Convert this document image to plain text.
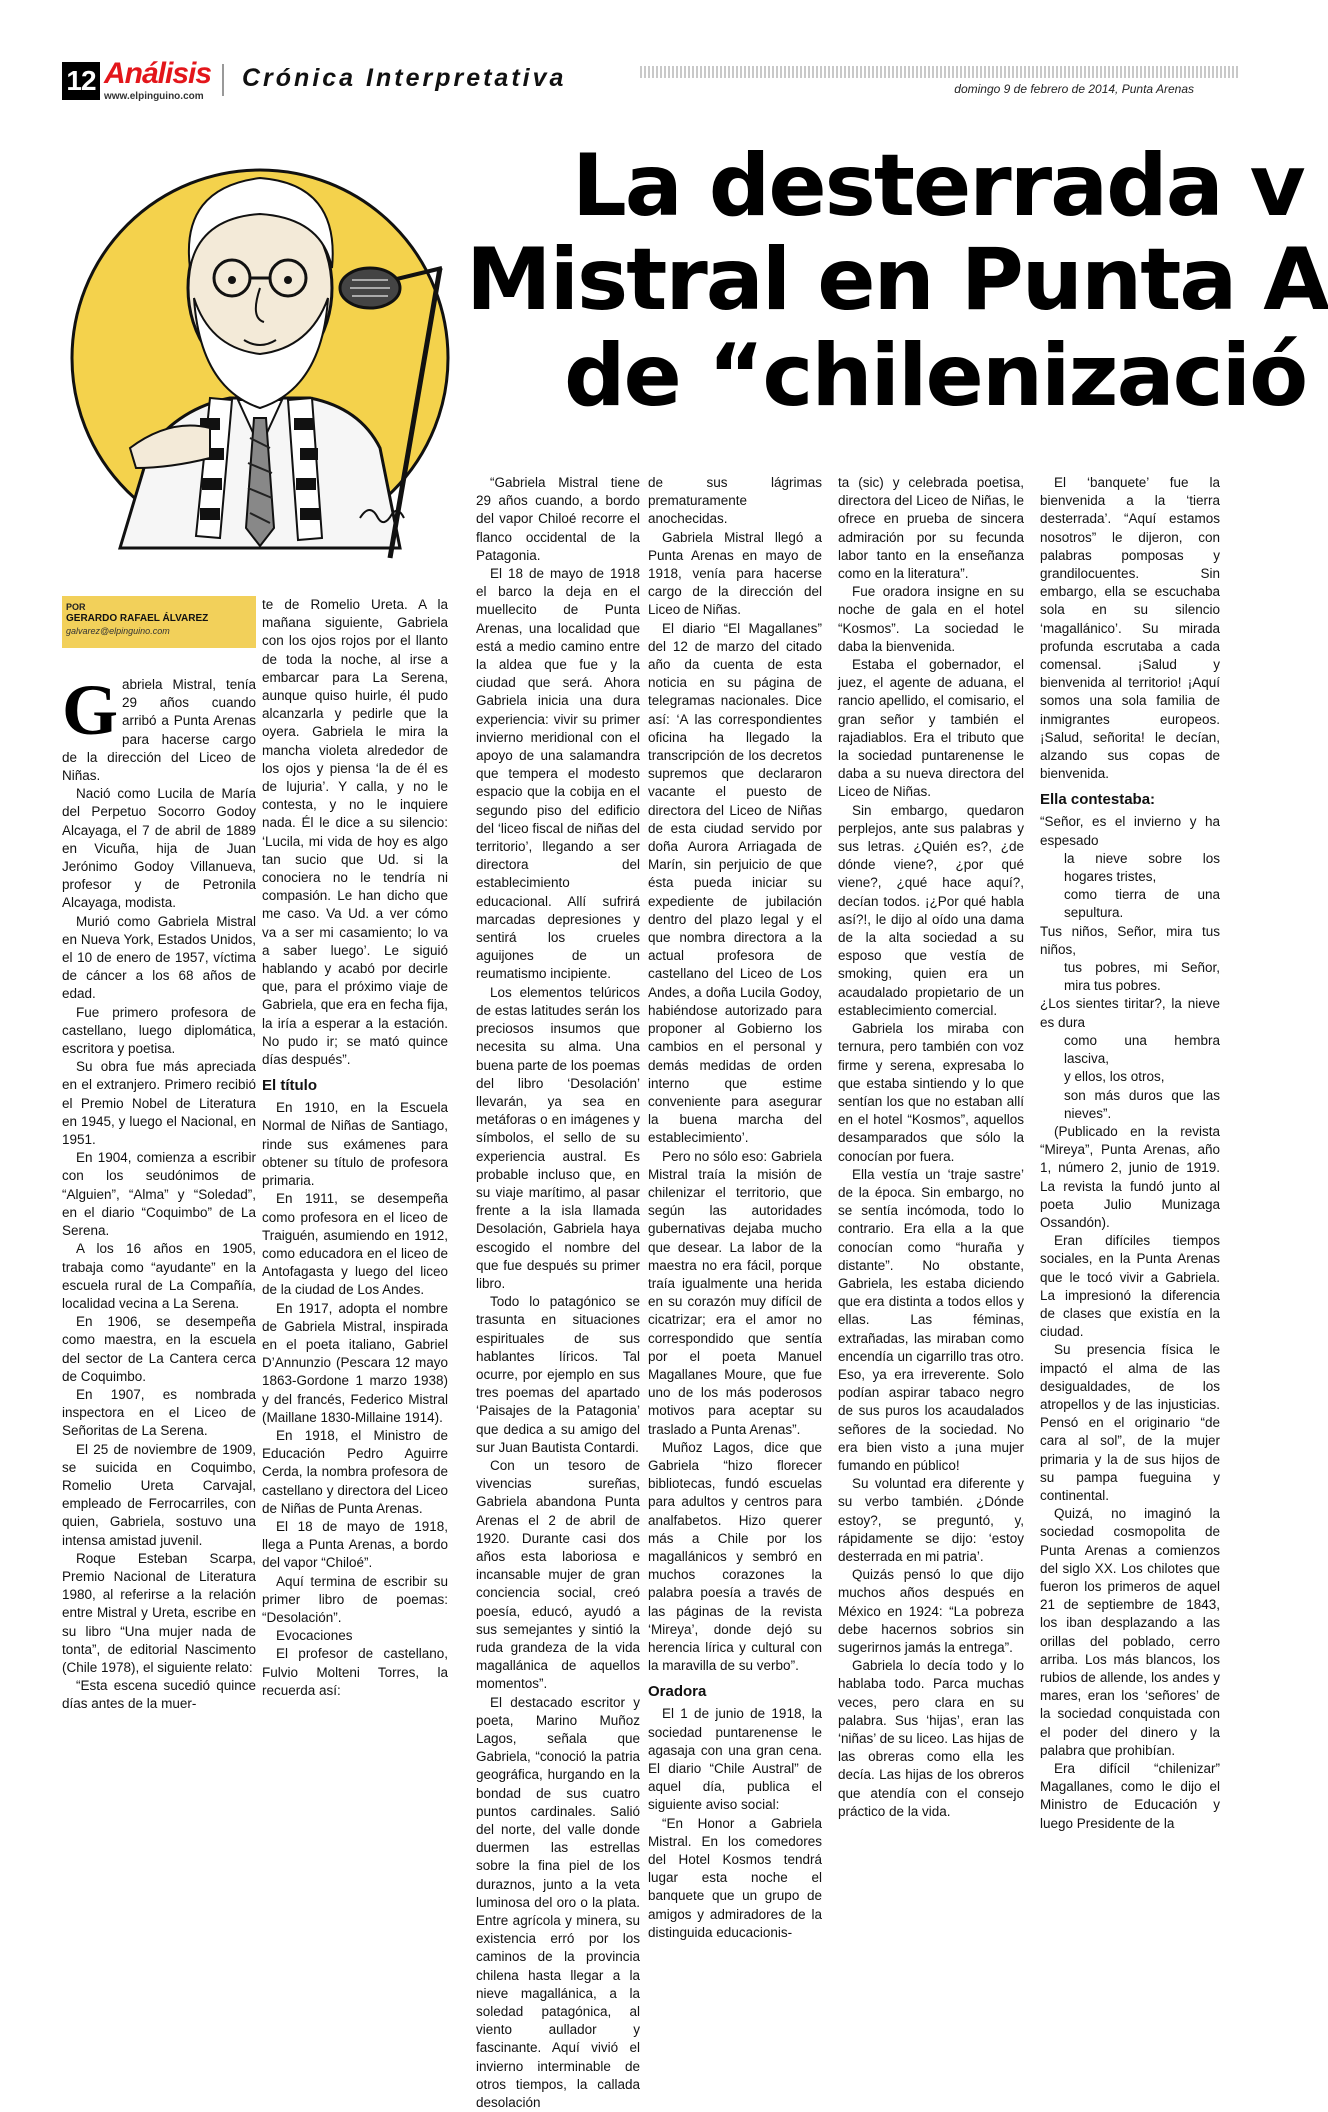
12 Análisis
www.elpinguino.com
Crónica Interpretativa	domingo 9 de febrero de 2014, Punta Arenas
La desterrada v
Mistral en Punta A
de “chilenizació
POR
GERARDO RAFAEL ÁLVAREZ
galvarez@elpinguino.com

Gabriela Mistral, tenía 29 años cuando arribó a Punta Arenas para hacerse cargo de la dirección del Liceo de Niñas.

Nació como Lucila de María del Perpetuo Socorro Godoy Alcayaga, el 7 de abril de 1889 en Vicuña, hija de Juan Jerónimo Godoy Villanueva, profesor y de Petronila Alcayaga, modista.

Murió como Gabriela Mistral en Nueva York, Estados Unidos, el 10 de enero de 1957, víctima de cáncer a los 68 años de edad.

Fue primero profesora de castellano, luego diplomática, escritora y poetisa.

Su obra fue más apreciada en el extranjero. Primero recibió el Premio Nobel de Literatura en 1945, y luego el Nacional, en 1951.

En 1904, comienza a escribir con los seudónimos de “Alguien”, “Alma” y “Soledad”, en el diario “Coquimbo” de La Serena.

A los 16 años en 1905, trabaja como “ayudante” en la escuela rural de La Compañía, localidad vecina a La Serena.

En 1906, se desempeña como maestra, en la escuela del sector de La Cantera cerca de Coquimbo.

En 1907, es nombrada inspectora en el Liceo de Señoritas de La Serena.

El 25 de noviembre de 1909, se suicida en Coquimbo, Romelio Ureta Carvajal, empleado de Ferrocarriles, con quien, Gabriela, sostuvo una intensa amistad juvenil.

Roque Esteban Scarpa, Premio Nacional de Literatura 1980, al referirse a la relación entre Mistral y Ureta, escribe en su libro “Una mujer nada de tonta”, de editorial Nascimento (Chile 1978), el siguiente relato:

“Esta escena sucedió quince días antes de la muer-

te de Romelio Ureta. A la mañana siguiente, Gabriela con los ojos rojos por el llanto de toda la noche, al irse a embarcar para La Serena, aunque quiso huirle, él pudo alcanzarla y pedirle que la oyera. Gabriela le mira la mancha violeta alrededor de los ojos y piensa ‘la de él es de lujuria’. Y calla, y no le contesta, y no le inquiere nada. Él le dice a su silencio: ‘Lucila, mi vida de hoy es algo tan sucio que Ud. si la conociera no le tendría ni compasión. Le han dicho que me caso. Va Ud. a ver cómo va a ser mi casamiento; lo va a saber luego’. Le siguió hablando y acabó por decirle que, para el próximo viaje de Gabriela, que era en fecha fija, la iría a esperar a la estación. No pudo ir; se mató quince días después”.

El título

En 1910, en la Escuela Normal de Niñas de Santiago, rinde sus exámenes para obtener su título de profesora primaria.

En 1911, se desempeña como profesora en el liceo de Traiguén, asumiendo en 1912, como educadora en el liceo de Antofagasta y luego del liceo de la ciudad de Los Andes.

En 1917, adopta el nombre de Gabriela Mistral, inspirada en el poeta italiano, Gabriel D’Annunzio (Pescara 12 mayo 1863-Gordone 1 marzo 1938) y del francés, Federico Mistral (Maillane 1830-Millaine 1914).

En 1918, el Ministro de Educación Pedro Aguirre Cerda, la nombra profesora de castellano y directora del Liceo de Niñas de Punta Arenas.

El 18 de mayo de 1918, llega a Punta Arenas, a bordo del vapor “Chiloé”.

Aquí termina de escribir su primer libro de poemas: “Desolación”.

Evocaciones

El profesor de castellano, Fulvio Molteni Torres, la recuerda así:

“Gabriela Mistral tiene 29 años cuando, a bordo del vapor Chiloé recorre el flanco occidental de la Patagonia.

El 18 de mayo de 1918 el barco la deja en el muellecito de Punta Arenas, una localidad que está a medio camino entre la aldea que fue y la ciudad que será. Ahora Gabriela inicia una dura experiencia: vivir su primer invierno meridional con el apoyo de una salamandra que tempera el modesto espacio que la cobija en el segundo piso del edificio del ‘liceo fiscal de niñas del territorio’, llegando a ser directora del establecimiento educacional. Allí sufrirá marcadas depresiones y sentirá los crueles aguijones de un reumatismo incipiente.

Los elementos telúricos de estas latitudes serán los preciosos insumos que necesita su alma. Una buena parte de los poemas del libro ‘Desolación’ llevarán, ya sea en metáforas o en imágenes y símbolos, el sello de su experiencia austral. Es probable incluso que, en su viaje marítimo, al pasar frente a la isla llamada Desolación, Gabriela haya escogido el nombre del que fue después su primer libro.

Todo lo patagónico se trasunta en situaciones espirituales de sus hablantes líricos. Tal ocurre, por ejemplo en sus tres poemas del apartado ‘Paisajes de la Patagonia’ que dedica a su amigo del sur Juan Bautista Contardi.

Con un tesoro de vivencias sureñas, Gabriela abandona Punta Arenas el 2 de abril de 1920. Durante casi dos años esta laboriosa e incansable mujer de gran conciencia social, creó poesía, educó, ayudó a sus semejantes y sintió la ruda grandeza de la vida magallánica de aquellos momentos”.

El destacado escritor y poeta, Marino Muñoz Lagos, señala que Gabriela, “conoció la patria geográfica, hurgando en la bondad de sus cuatro puntos cardinales. Salió del norte, del valle donde duermen las estrellas sobre la fina piel de los duraznos, junto a la veta luminosa del oro o la plata. Entre agrícola y minera, su existencia erró por los caminos de la provincia chilena hasta llegar a la nieve magallánica, a la soledad patagónica, al viento aullador y fascinante. Aquí vivió el invierno interminable de otros tiempos, la callada desolación

de sus lágrimas prematuramente anochecidas.

Gabriela Mistral llegó a Punta Arenas en mayo de 1918, venía para hacerse cargo de la dirección del Liceo de Niñas.

El diario “El Magallanes” del 12 de marzo del citado año da cuenta de esta noticia en su página de telegramas nacionales. Dice así: ‘A las correspondientes oficina ha llegado la transcripción de los decretos supremos que declararon vacante el puesto de directora del Liceo de Niñas de esta ciudad servido por doña Aurora Arriagada de Marín, sin perjuicio de que ésta pueda iniciar su expediente de jubilación dentro del plazo legal y el que nombra directora a la actual profesora de castellano del Liceo de Los Andes, a doña Lucila Godoy, habiéndose autorizado para proponer al Gobierno los cambios en el personal y demás medidas de orden interno que estime conveniente para asegurar la buena marcha del establecimiento’.

Pero no sólo eso: Gabriela Mistral traía la misión de chilenizar el territorio, que según las autoridades gubernativas dejaba mucho que desear. La labor de la maestra no era fácil, porque traía igualmente una herida en su corazón muy difícil de cicatrizar; era el amor no correspondido que sentía por el poeta Manuel Magallanes Moure, que fue uno de los más poderosos motivos para aceptar su traslado a Punta Arenas”.

Muñoz Lagos, dice que Gabriela “hizo florecer bibliotecas, fundó escuelas para adultos y centros para analfabetos. Hizo querer más a Chile por los magallánicos y sembró en muchos corazones la palabra poesía a través de las páginas de la revista ‘Mireya’, donde dejó su herencia lírica y cultural con la maravilla de su verbo”.

Oradora

El 1 de junio de 1918, la sociedad puntarenense le agasaja con una gran cena. El diario “Chile Austral” de aquel día, publica el siguiente aviso social:

“En Honor a Gabriela Mistral. En los comedores del Hotel Kosmos tendrá lugar esta noche el banquete que un grupo de amigos y admiradores de la distinguida educacionis-

ta (sic) y celebrada poetisa, directora del Liceo de Niñas, le ofrece en prueba de sincera admiración por su fecunda labor tanto en la enseñanza como en la literatura”.

Fue oradora insigne en su noche de gala en el hotel “Kosmos”. La sociedad le daba la bienvenida.

Estaba el gobernador, el juez, el agente de aduana, el rancio apellido, el comisario, el gran señor y también el rajadiablos. Era el tributo que la sociedad puntarenense le daba a su nueva directora del Liceo de Niñas.

Sin embargo, quedaron perplejos, ante sus palabras y sus letras. ¿Quién es?, ¿de dónde viene?, ¿por qué viene?, ¿qué hace aquí?, decían todos. ¡¿Por qué habla así?!, le dijo al oído una dama de la alta sociedad a su esposo que vestía de smoking, quien era un acaudalado propietario de un establecimiento comercial.

Gabriela los miraba con ternura, pero también con voz firme y serena, expresaba lo que estaba sintiendo y lo que sentían los que no estaban allí en el hotel “Kosmos”, aquellos desamparados que sólo la conocían por fuera.

Ella vestía un ‘traje sastre’ de la época. Sin embargo, no se sentía incómoda, todo lo contrario. Era ella a la que conocían como “huraña y distante”. No obstante, Gabriela, les estaba diciendo que era distinta a todos ellos y ellas. Las féminas, extrañadas, las miraban como encendía un cigarrillo tras otro. Eso, ya era irreverente. Solo podían aspirar tabaco negro de sus puros los acaudalados señores de la sociedad. No era bien visto a ¡una mujer fumando en público!

Su voluntad era diferente y su verbo también. ¿Dónde estoy?, se preguntó, y, rápidamente se dijo: ‘estoy desterrada en mi patria’.

Quizás pensó lo que dijo muchos años después en México en 1924: “La pobreza debe hacernos sobrios sin sugerirnos jamás la entrega”.

Gabriela lo decía todo y lo hablaba todo. Parca muchas veces, pero clara en su palabra. Sus ‘hijas’, eran las ‘niñas’ de su liceo. Las hijas de las obreras como ella les decía. Las hijas de los obreros que atendía con el consejo práctico de la vida.

El ‘banquete’ fue la bienvenida a la ‘tierra desterrada’. “Aquí estamos nosotros” le dijeron, con palabras pomposas y grandilocuentes. Sin embargo, ella se escuchaba sola en su silencio ‘magallánico’. Su mirada profunda escrutaba a cada comensal. ¡Salud y bienvenida al territorio! ¡Aquí somos una sola familia de inmigrantes europeos. ¡Salud, señorita! le decían, alzando sus copas de bienvenida.

Ella contestaba:

“Señor, es el invierno y ha espesado

la nieve sobre los hogares tristes,

como tierra de una sepultura.

Tus niños, Señor, mira tus niños,

tus pobres, mi Señor, mira tus pobres.

¿Los sientes tiritar?, la nieve es dura

como una hembra lasciva,

y ellos, los otros,

son más duros que las nieves”.

(Publicado en la revista “Mireya”, Punta Arenas, año 1, número 2, junio de 1919. La revista la fundó junto al poeta Julio Munizaga Ossandón).

Eran difíciles tiempos sociales, en la Punta Arenas que le tocó vivir a Gabriela. La impresionó la diferencia de clases que existía en la ciudad.

Su presencia física le impactó el alma de las desigualdades, de los atropellos y de las injusticias. Pensó en el originario “de cara al sol”, de la mujer primaria y la de sus hijos de su pampa fueguina y continental.

Quizá, no imaginó la sociedad cosmopolita de Punta Arenas a comienzos del siglo XX. Los chilotes que fueron los primeros de aquel 21 de septiembre de 1843, los iban desplazando a las orillas del poblado, cerro arriba. Los más blancos, los rubios de allende, los andes y mares, eran los ‘señores’ de la sociedad conquistada con el poder del dinero y la palabra que prohibían.

Era difícil “chilenizar” Magallanes, como le dijo el Ministro de Educación y luego Presidente de la
